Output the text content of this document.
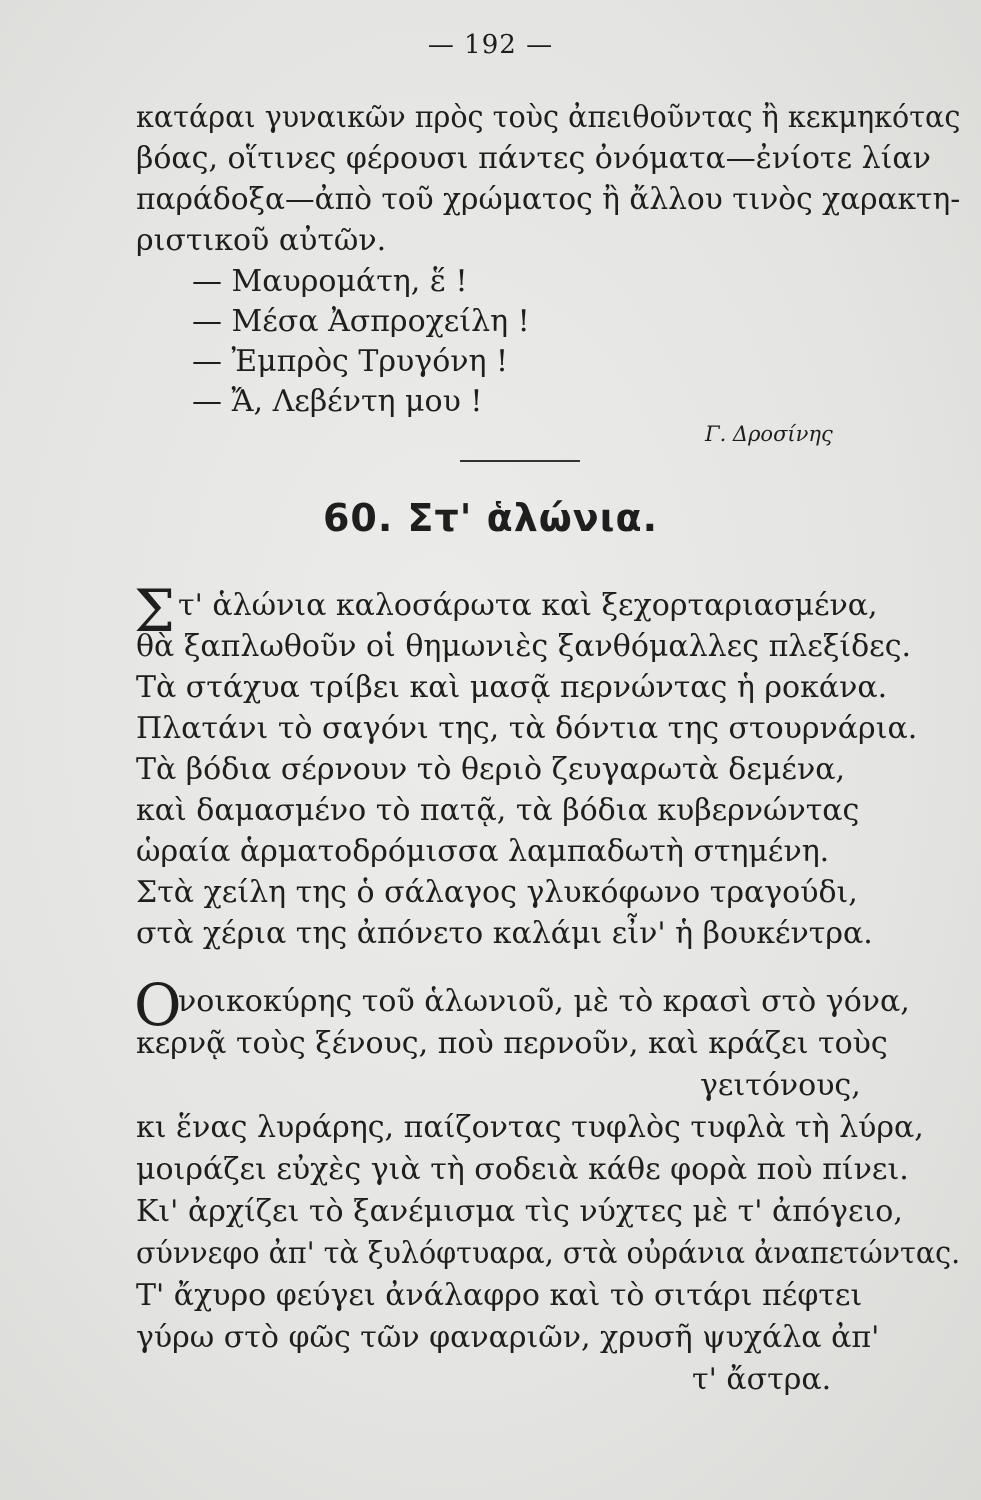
— 192 —
κατάραι γυναικῶν πρὸς τοὺς ἀπειθοῦντας ἢ κεκμηκότας
βόας, οἵτινες φέρουσι πάντες ὀνόματα—ἐνίοτε λίαν
παράδοξα—ἀπὸ τοῦ χρώματος ἢ ἄλλου τινὸς χαρακτη-
ριστικοῦ αὐτῶν.
— Μαυρομάτη, ἕ !
— Μέσα Ἀσπροχείλη !
— Ἐμπρὸς Τρυγόνη !
— Ἄ, Λεβέντη μου !
Γ. Δροσίνης
60. Στ' ἁλώνια.
Σ τ' ἁλώνια καλοσάρωτα καὶ ξεχορταριασμένα,
θὰ ξαπλωθοῦν οἱ θημωνιὲς ξανθόμαλλες πλεξίδες.
Τὰ στάχυα τρίβει καὶ μασᾷ περνώντας ἡ ροκάνα.
Πλατάνι τὸ σαγόνι της, τὰ δόντια της στουρνάρια.
Τὰ βόδια σέρνουν τὸ θεριὸ ζευγαρωτὰ δεμένα,
καὶ δαμασμένο τὸ πατᾷ, τὰ βόδια κυβερνώντας
ὡραία ἁρματοδρόμισσα λαμπαδωτὴ στημένη.
Στὰ χείλη της ὁ σάλαγος γλυκόφωνο τραγούδι,
στὰ χέρια της ἀπόνετο καλάμι εἶν' ἡ βουκέντρα.
Ο
νοικοκύρης τοῦ ἁλωνιοῦ, μὲ τὸ κρασὶ στὸ γόνα,
κερνᾷ τοὺς ξένους, ποὺ περνοῦν, καὶ κράζει τοὺς
γειτόνους,
κι ἕνας λυράρης, παίζοντας τυφλὸς τυφλὰ τὴ λύρα,
μοιράζει εὐχὲς γιὰ τὴ σοδειὰ κάθε φορὰ ποὺ πίνει.
Κι' ἀρχίζει τὸ ξανέμισμα τὶς νύχτες μὲ τ' ἀπόγειο,
σύννεφο ἀπ' τὰ ξυλόφτυαρα, στὰ οὐράνια ἀναπετώντας.
Τ' ἄχυρο φεύγει ἀνάλαφρο καὶ τὸ σιτάρι πέφτει
γύρω στὸ φῶς τῶν φαναριῶν, χρυσῆ ψυχάλα ἀπ'
τ' ἄστρα.
